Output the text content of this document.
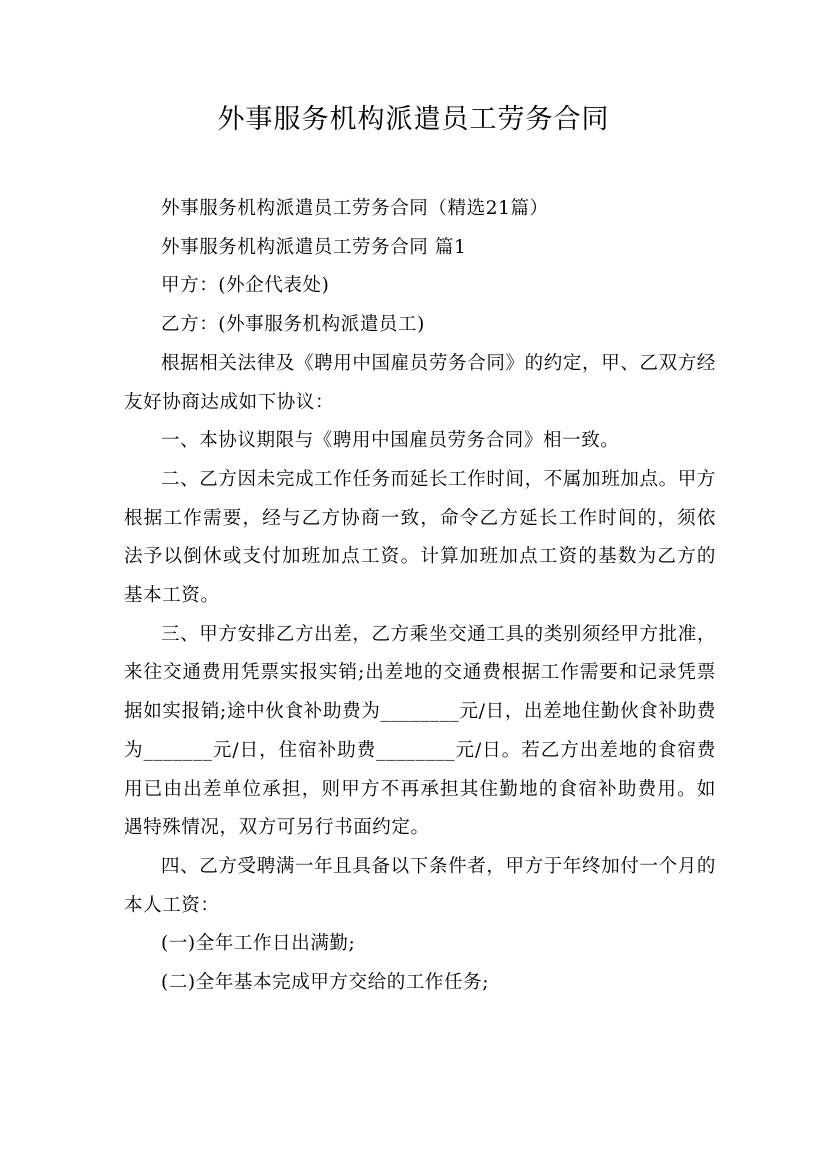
外事服务机构派遣员工劳务合同

外事服务机构派遣员工劳务合同（精选21篇）

外事服务机构派遣员工劳务合同 篇1

甲方：(外企代表处)

乙方：(外事服务机构派遣员工)

根据相关法律及《聘用中国雇员劳务合同》的约定，甲、乙双方经友好协商达成如下协议：

一、本协议期限与《聘用中国雇员劳务合同》相一致。

二、乙方因未完成工作任务而延长工作时间，不属加班加点。甲方根据工作需要，经与乙方协商一致，命令乙方延长工作时间的，须依法予以倒休或支付加班加点工资。计算加班加点工资的基数为乙方的基本工资。

三、甲方安排乙方出差，乙方乘坐交通工具的类别须经甲方批准，来往交通费用凭票实报实销;出差地的交通费根据工作需要和记录凭票据如实报销;途中伙食补助费为________元/日，出差地住勤伙食补助费为_______元/日，住宿补助费________元/日。若乙方出差地的食宿费用已由出差单位承担，则甲方不再承担其住勤地的食宿补助费用。如遇特殊情况，双方可另行书面约定。

四、乙方受聘满一年且具备以下条件者，甲方于年终加付一个月的本人工资：

(一)全年工作日出满勤;

(二)全年基本完成甲方交给的工作任务;
